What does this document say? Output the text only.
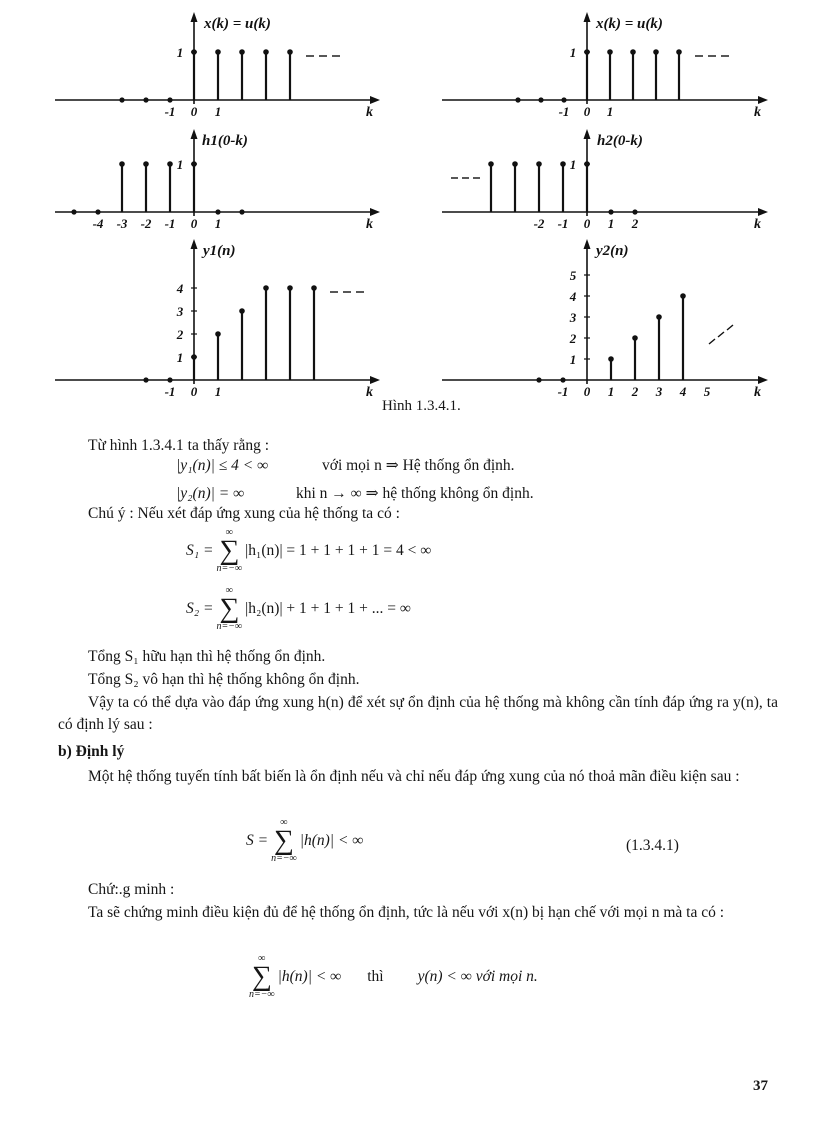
x(k) = u(k)
k
-1 0 1
1
x(k) = u(k)
k
-1 0 1
1
h1(0-k)
k
-4 -3 -2 -1 0 1
1
h2(0-k)
k
-2 -1 0 1 2
1
y1(n)
k
-1 0 1
1
2
3
4
y2(n)
k
-1 0 1 2 3 4 5
1
2
3
4
5
Hình 1.3.4.1.
Từ hình 1.3.4.1 ta thấy rằng :
|y₁(n)| ≤ 4 < ∞	với mọi n ⇒ Hệ thống ổn định.
|y₂(n)| = ∞	khi n → ∞ ⇒ hệ thống không ổn định.
Chú ý : Nếu xét đáp ứng xung của hệ thống ta có :
S₁ =
∞
∑
n=−∞
|h₁(n)| = 1 + 1 + 1 + 1 = 4 < ∞
S₂ =
∞
∑
n=−∞
|h₂(n)| + 1 + 1 + 1 + ... = ∞
Tổng S₁ hữu hạn thì hệ thống ổn định.
Tổng S₂ vô hạn thì hệ thống không ổn định.
Vậy ta có thể dựa vào đáp ứng xung h(n) để xét sự ổn định của hệ thống mà không cần tính đáp ứng ra y(n), ta có định lý sau :
b) Định lý
Một hệ thống tuyến tính bất biến là ổn định nếu và chỉ nếu đáp ứng xung của nó thoả mãn điều kiện sau :
S =
∞
∑
n=−∞
|h(n)| < ∞	(1.3.4.1)
Chứ:.g minh :
Ta sẽ chứng minh điều kiện đủ để hệ thống ổn định, tức là nếu với x(n) bị hạn chế với mọi n mà ta có :
∞
∑
n=−∞
|h(n)| < ∞ thì y(n) < ∞ với mọi n.
37
